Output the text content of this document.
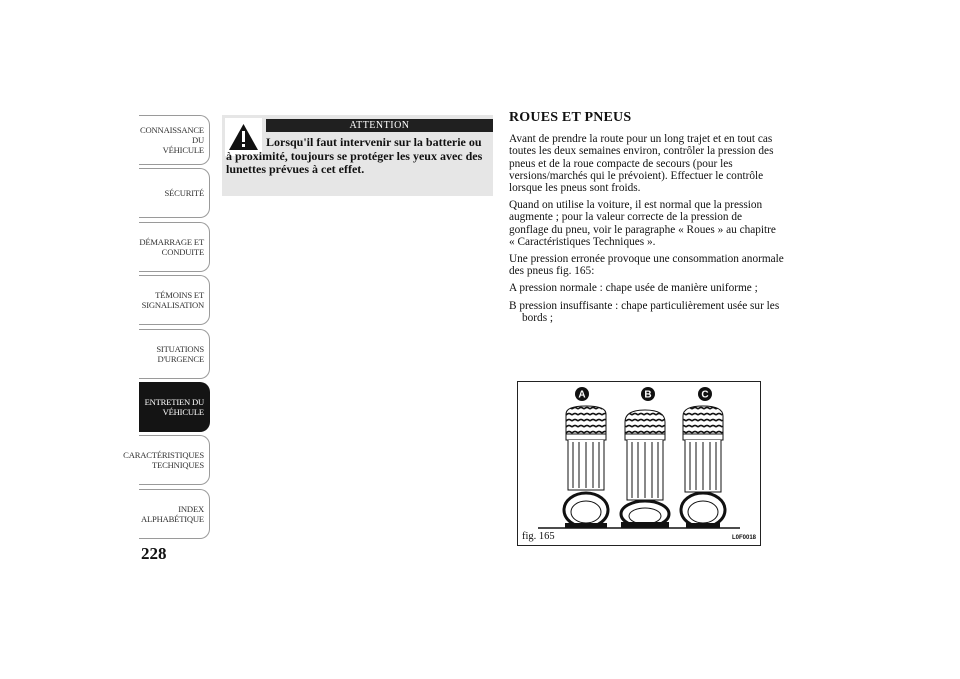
CONNAISSANCE DU
VÉHICULE
SÉCURITÉ
DÉMARRAGE ET
CONDUITE
TÉMOINS ET
SIGNALISATION
SITUATIONS
D'URGENCE
ENTRETIEN DU
VÉHICULE
CARACTÉRISTIQUES
TECHNIQUES
INDEX
ALPHABÉTIQUE
228
ATTENTION

Lorsqu'il faut intervenir sur la batterie ou à proximité, toujours se protéger les yeux avec des lunettes prévues à cet effet.

ROUES ET PNEUS

Avant de prendre la route pour un long trajet et en tout cas toutes les deux semaines environ, contrôler la pression des pneus et de la roue compacte de secours (pour les versions/marchés qui le prévoient). Effectuer le contrôle lorsque les pneus sont froids.

Quand on utilise la voiture, il est normal que la pression augmente ; pour la valeur correcte de la pression de gonflage du pneu, voir le paragraphe « Roues » au chapitre « Caractéristiques Techniques ».

Une pression erronée provoque une consommation anormale des pneus fig. 165:

A pression normale : chape usée de manière uniforme ;

B pression insuffisante : chape particulièrement usée sur les bords ;

A	B	C
fig. 165	L0F0018
